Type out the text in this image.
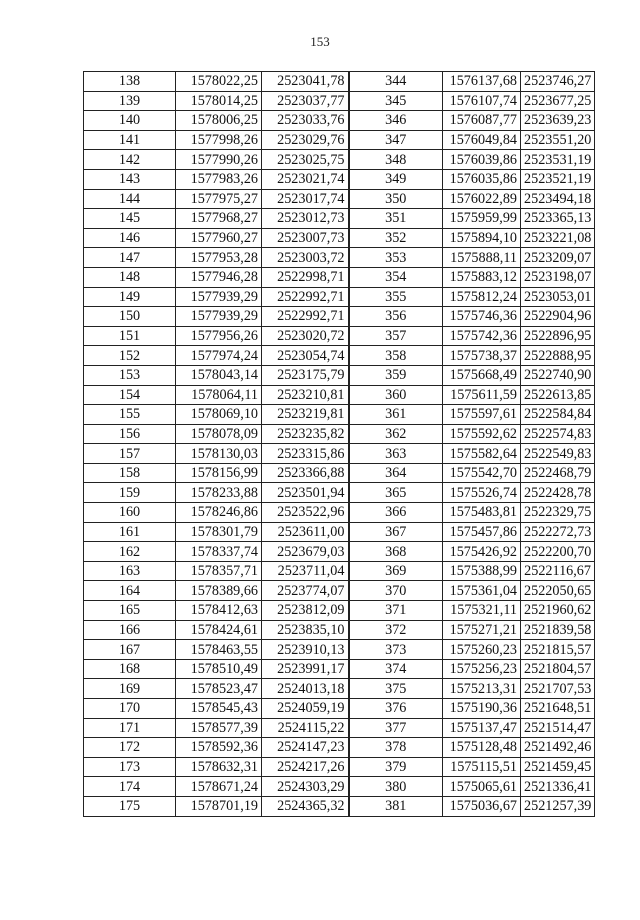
153
138	1578022,25	2523041,78	344	1576137,68	2523746,27
139	1578014,25	2523037,77	345	1576107,74	2523677,25
140	1578006,25	2523033,76	346	1576087,77	2523639,23
141	1577998,26	2523029,76	347	1576049,84	2523551,20
142	1577990,26	2523025,75	348	1576039,86	2523531,19
143	1577983,26	2523021,74	349	1576035,86	2523521,19
144	1577975,27	2523017,74	350	1576022,89	2523494,18
145	1577968,27	2523012,73	351	1575959,99	2523365,13
146	1577960,27	2523007,73	352	1575894,10	2523221,08
147	1577953,28	2523003,72	353	1575888,11	2523209,07
148	1577946,28	2522998,71	354	1575883,12	2523198,07
149	1577939,29	2522992,71	355	1575812,24	2523053,01
150	1577939,29	2522992,71	356	1575746,36	2522904,96
151	1577956,26	2523020,72	357	1575742,36	2522896,95
152	1577974,24	2523054,74	358	1575738,37	2522888,95
153	1578043,14	2523175,79	359	1575668,49	2522740,90
154	1578064,11	2523210,81	360	1575611,59	2522613,85
155	1578069,10	2523219,81	361	1575597,61	2522584,84
156	1578078,09	2523235,82	362	1575592,62	2522574,83
157	1578130,03	2523315,86	363	1575582,64	2522549,83
158	1578156,99	2523366,88	364	1575542,70	2522468,79
159	1578233,88	2523501,94	365	1575526,74	2522428,78
160	1578246,86	2523522,96	366	1575483,81	2522329,75
161	1578301,79	2523611,00	367	1575457,86	2522272,73
162	1578337,74	2523679,03	368	1575426,92	2522200,70
163	1578357,71	2523711,04	369	1575388,99	2522116,67
164	1578389,66	2523774,07	370	1575361,04	2522050,65
165	1578412,63	2523812,09	371	1575321,11	2521960,62
166	1578424,61	2523835,10	372	1575271,21	2521839,58
167	1578463,55	2523910,13	373	1575260,23	2521815,57
168	1578510,49	2523991,17	374	1575256,23	2521804,57
169	1578523,47	2524013,18	375	1575213,31	2521707,53
170	1578545,43	2524059,19	376	1575190,36	2521648,51
171	1578577,39	2524115,22	377	1575137,47	2521514,47
172	1578592,36	2524147,23	378	1575128,48	2521492,46
173	1578632,31	2524217,26	379	1575115,51	2521459,45
174	1578671,24	2524303,29	380	1575065,61	2521336,41
175	1578701,19	2524365,32	381	1575036,67	2521257,39
